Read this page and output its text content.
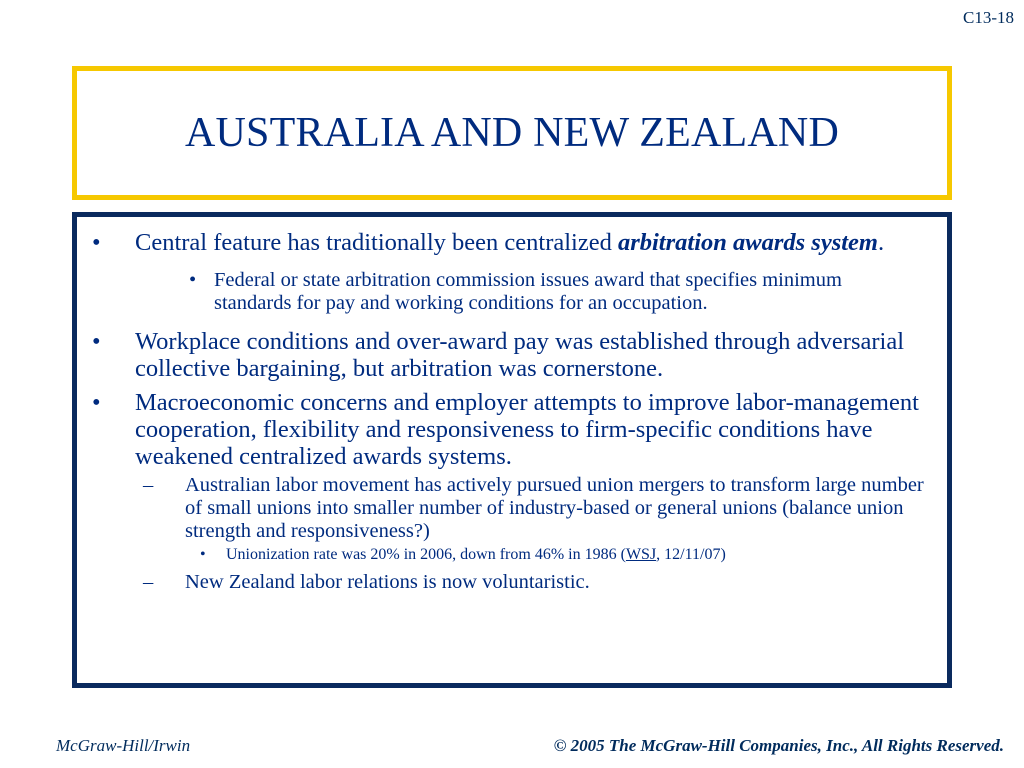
C13-18
AUSTRALIA AND NEW ZEALAND
•	Central feature has traditionally been centralized arbitration awards system.
• Federal or state arbitration commission issues award that specifies minimum standards for pay and working conditions for an occupation.
•	Workplace conditions and over-award pay was established through adversarial collective bargaining, but arbitration was cornerstone.
•	Macroeconomic concerns and employer attempts to improve labor-management cooperation, flexibility and responsiveness to firm-specific conditions have weakened centralized awards systems.
–	Australian labor movement has actively pursued union mergers to transform large number of small unions into smaller number of industry-based or general unions (balance union strength and responsiveness?)
•	Unionization rate was 20% in 2006, down from 46% in 1986 (WSJ, 12/11/07)
–	New Zealand labor relations is now voluntaristic.
McGraw-Hill/Irwin	© 2005 The McGraw-Hill Companies, Inc., All Rights Reserved.
